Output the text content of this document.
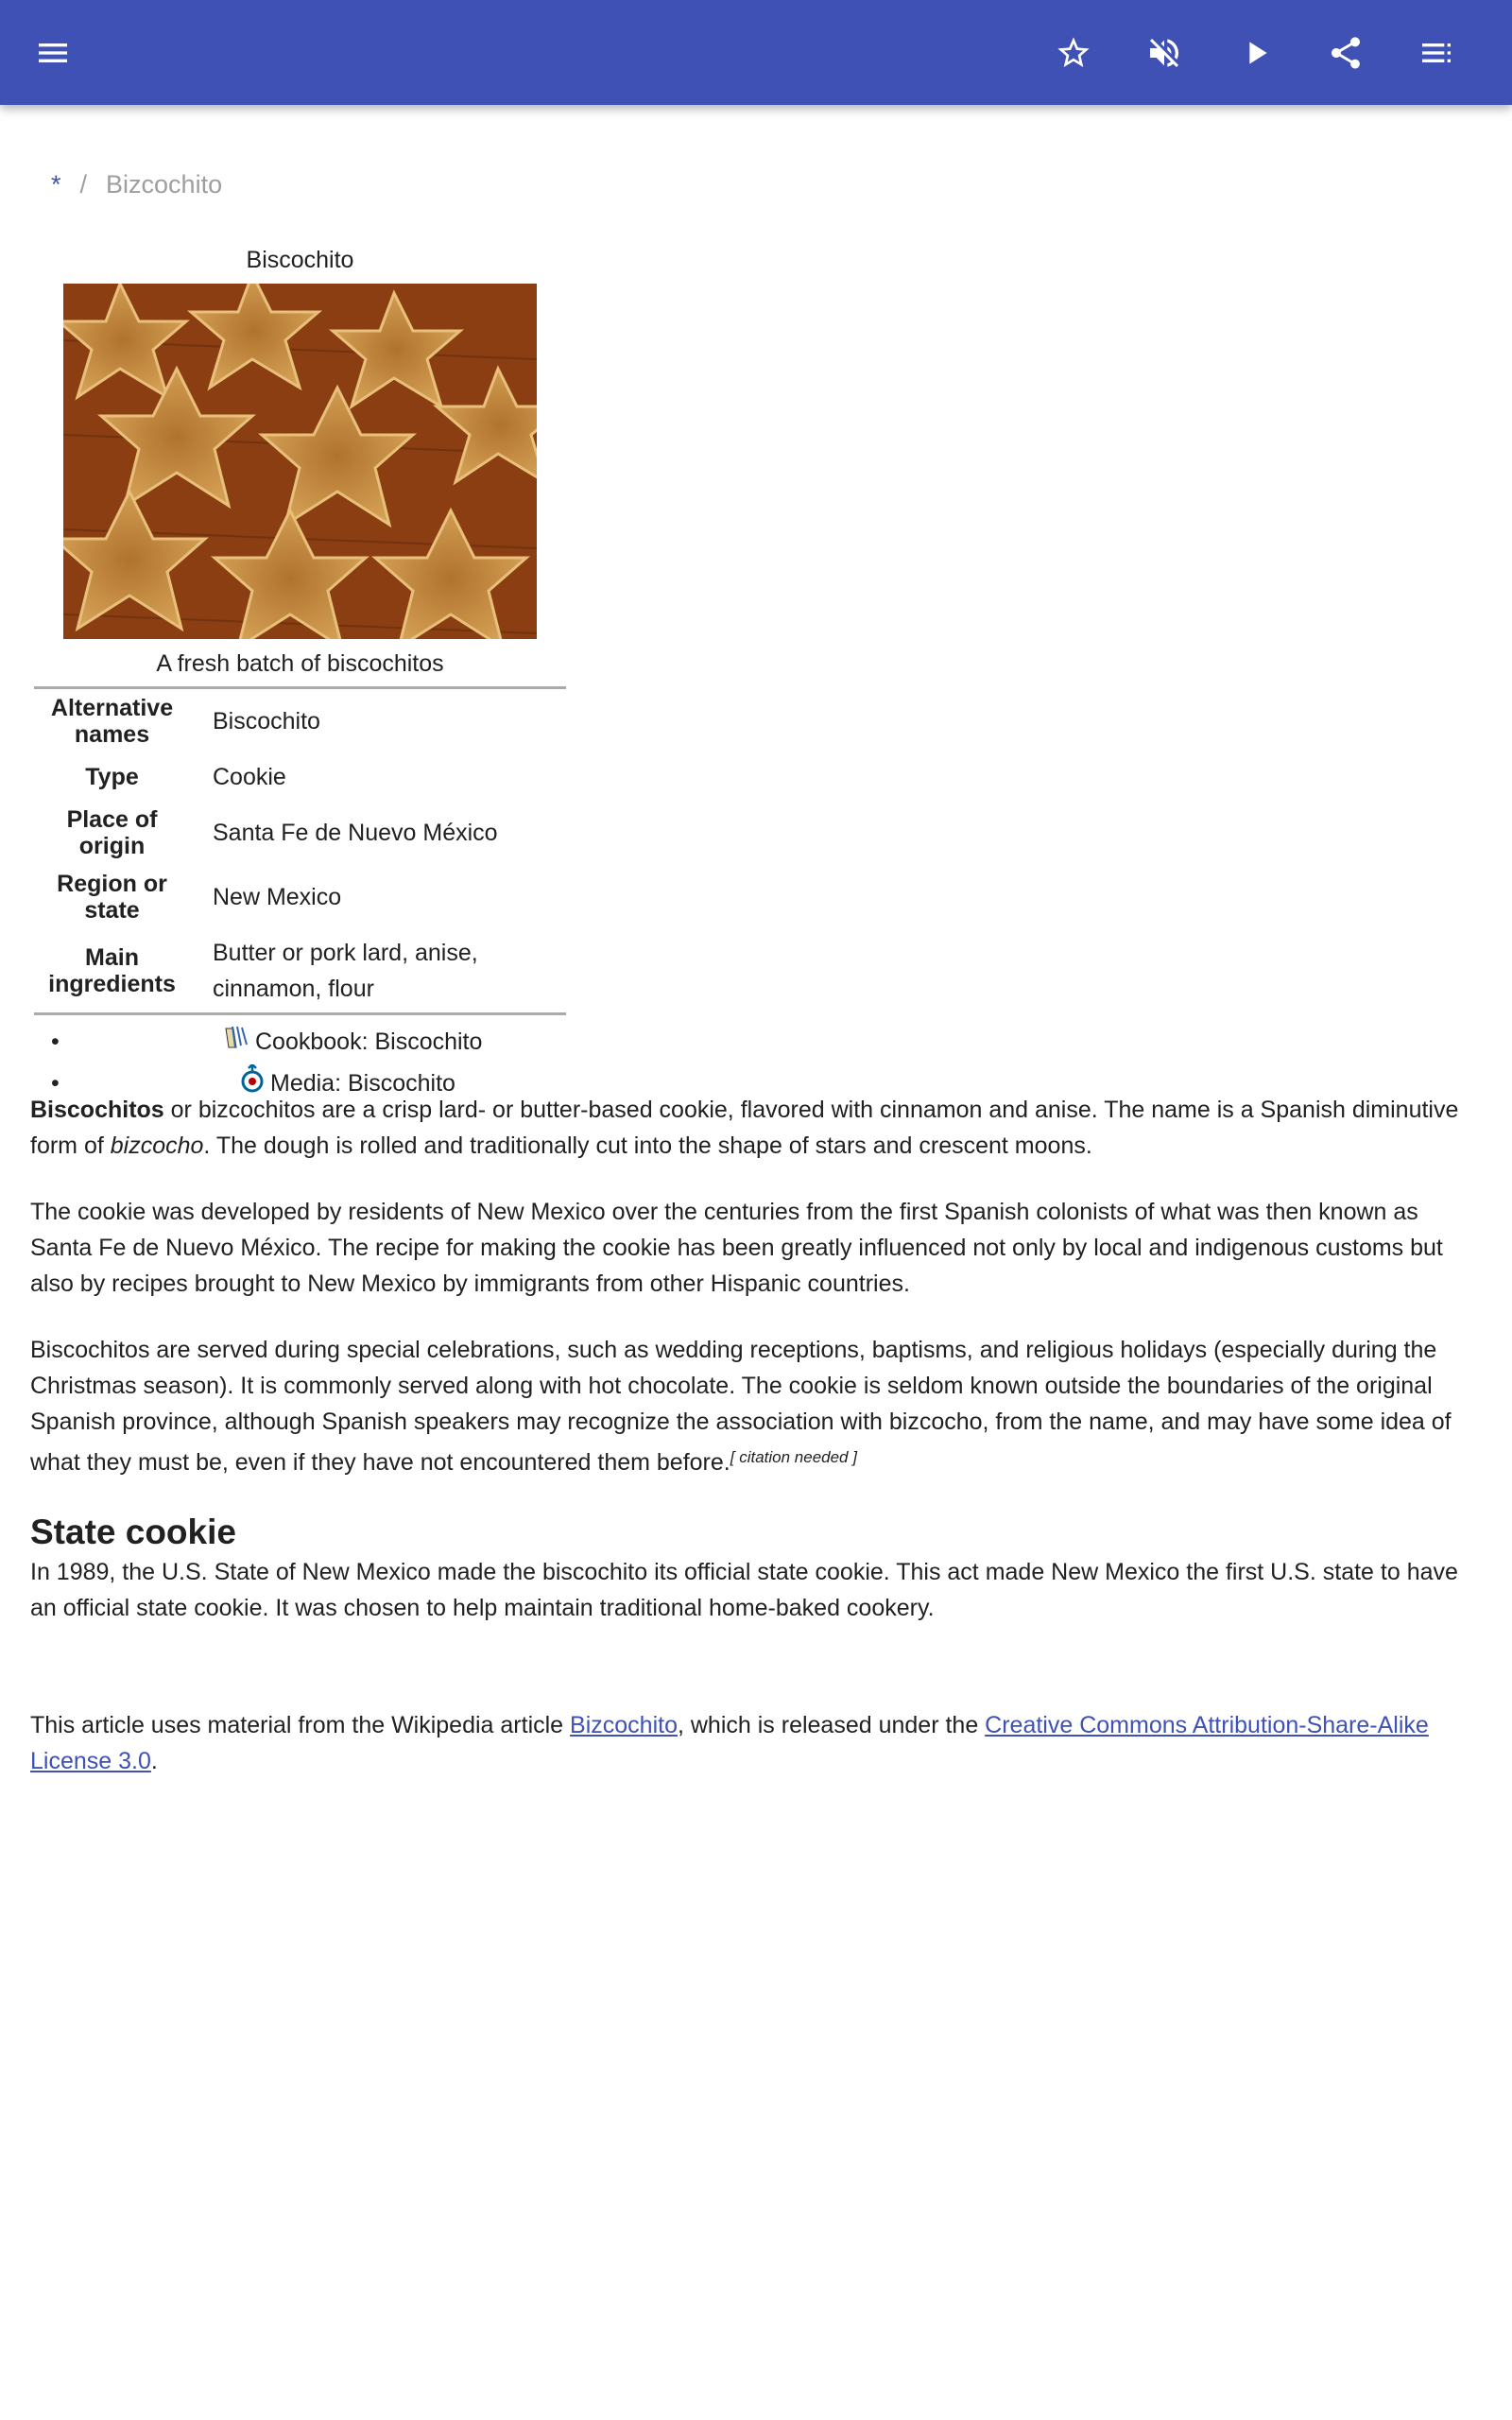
* / Bizcochito
Biscochito
A fresh batch of biscochitos
Alternative names	Biscochito
Type	Cookie
Place of origin	Santa Fe de Nuevo México
Region or state	New Mexico
Main ingredients	Butter or pork lard, anise, cinnamon, flour
•	Cookbook: Biscochito
•	Media: Biscochito

Biscochitos or bizcochitos are a crisp lard- or butter-based cookie, flavored with cinnamon and anise. The name is a Spanish diminutive form of bizcocho. The dough is rolled and traditionally cut into the shape of stars and crescent moons.

The cookie was developed by residents of New Mexico over the centuries from the first Spanish colonists of what was then known as Santa Fe de Nuevo México. The recipe for making the cookie has been greatly influenced not only by local and indigenous customs but also by recipes brought to New Mexico by immigrants from other Hispanic countries.

Biscochitos are served during special celebrations, such as wedding receptions, baptisms, and religious holidays (especially during the Christmas season). It is commonly served along with hot chocolate. The cookie is seldom known outside the boundaries of the original Spanish province, although Spanish speakers may recognize the association with bizcocho, from the name, and may have some idea of what they must be, even if they have not encountered them before.[ citation needed ]

State cookie

In 1989, the U.S. State of New Mexico made the biscochito its official state cookie. This act made New Mexico the first U.S. state to have an official state cookie. It was chosen to help maintain traditional home-baked cookery.

This article uses material from the Wikipedia article Bizcochito, which is released under the Creative Commons Attribution-Share-Alike License 3.0.
